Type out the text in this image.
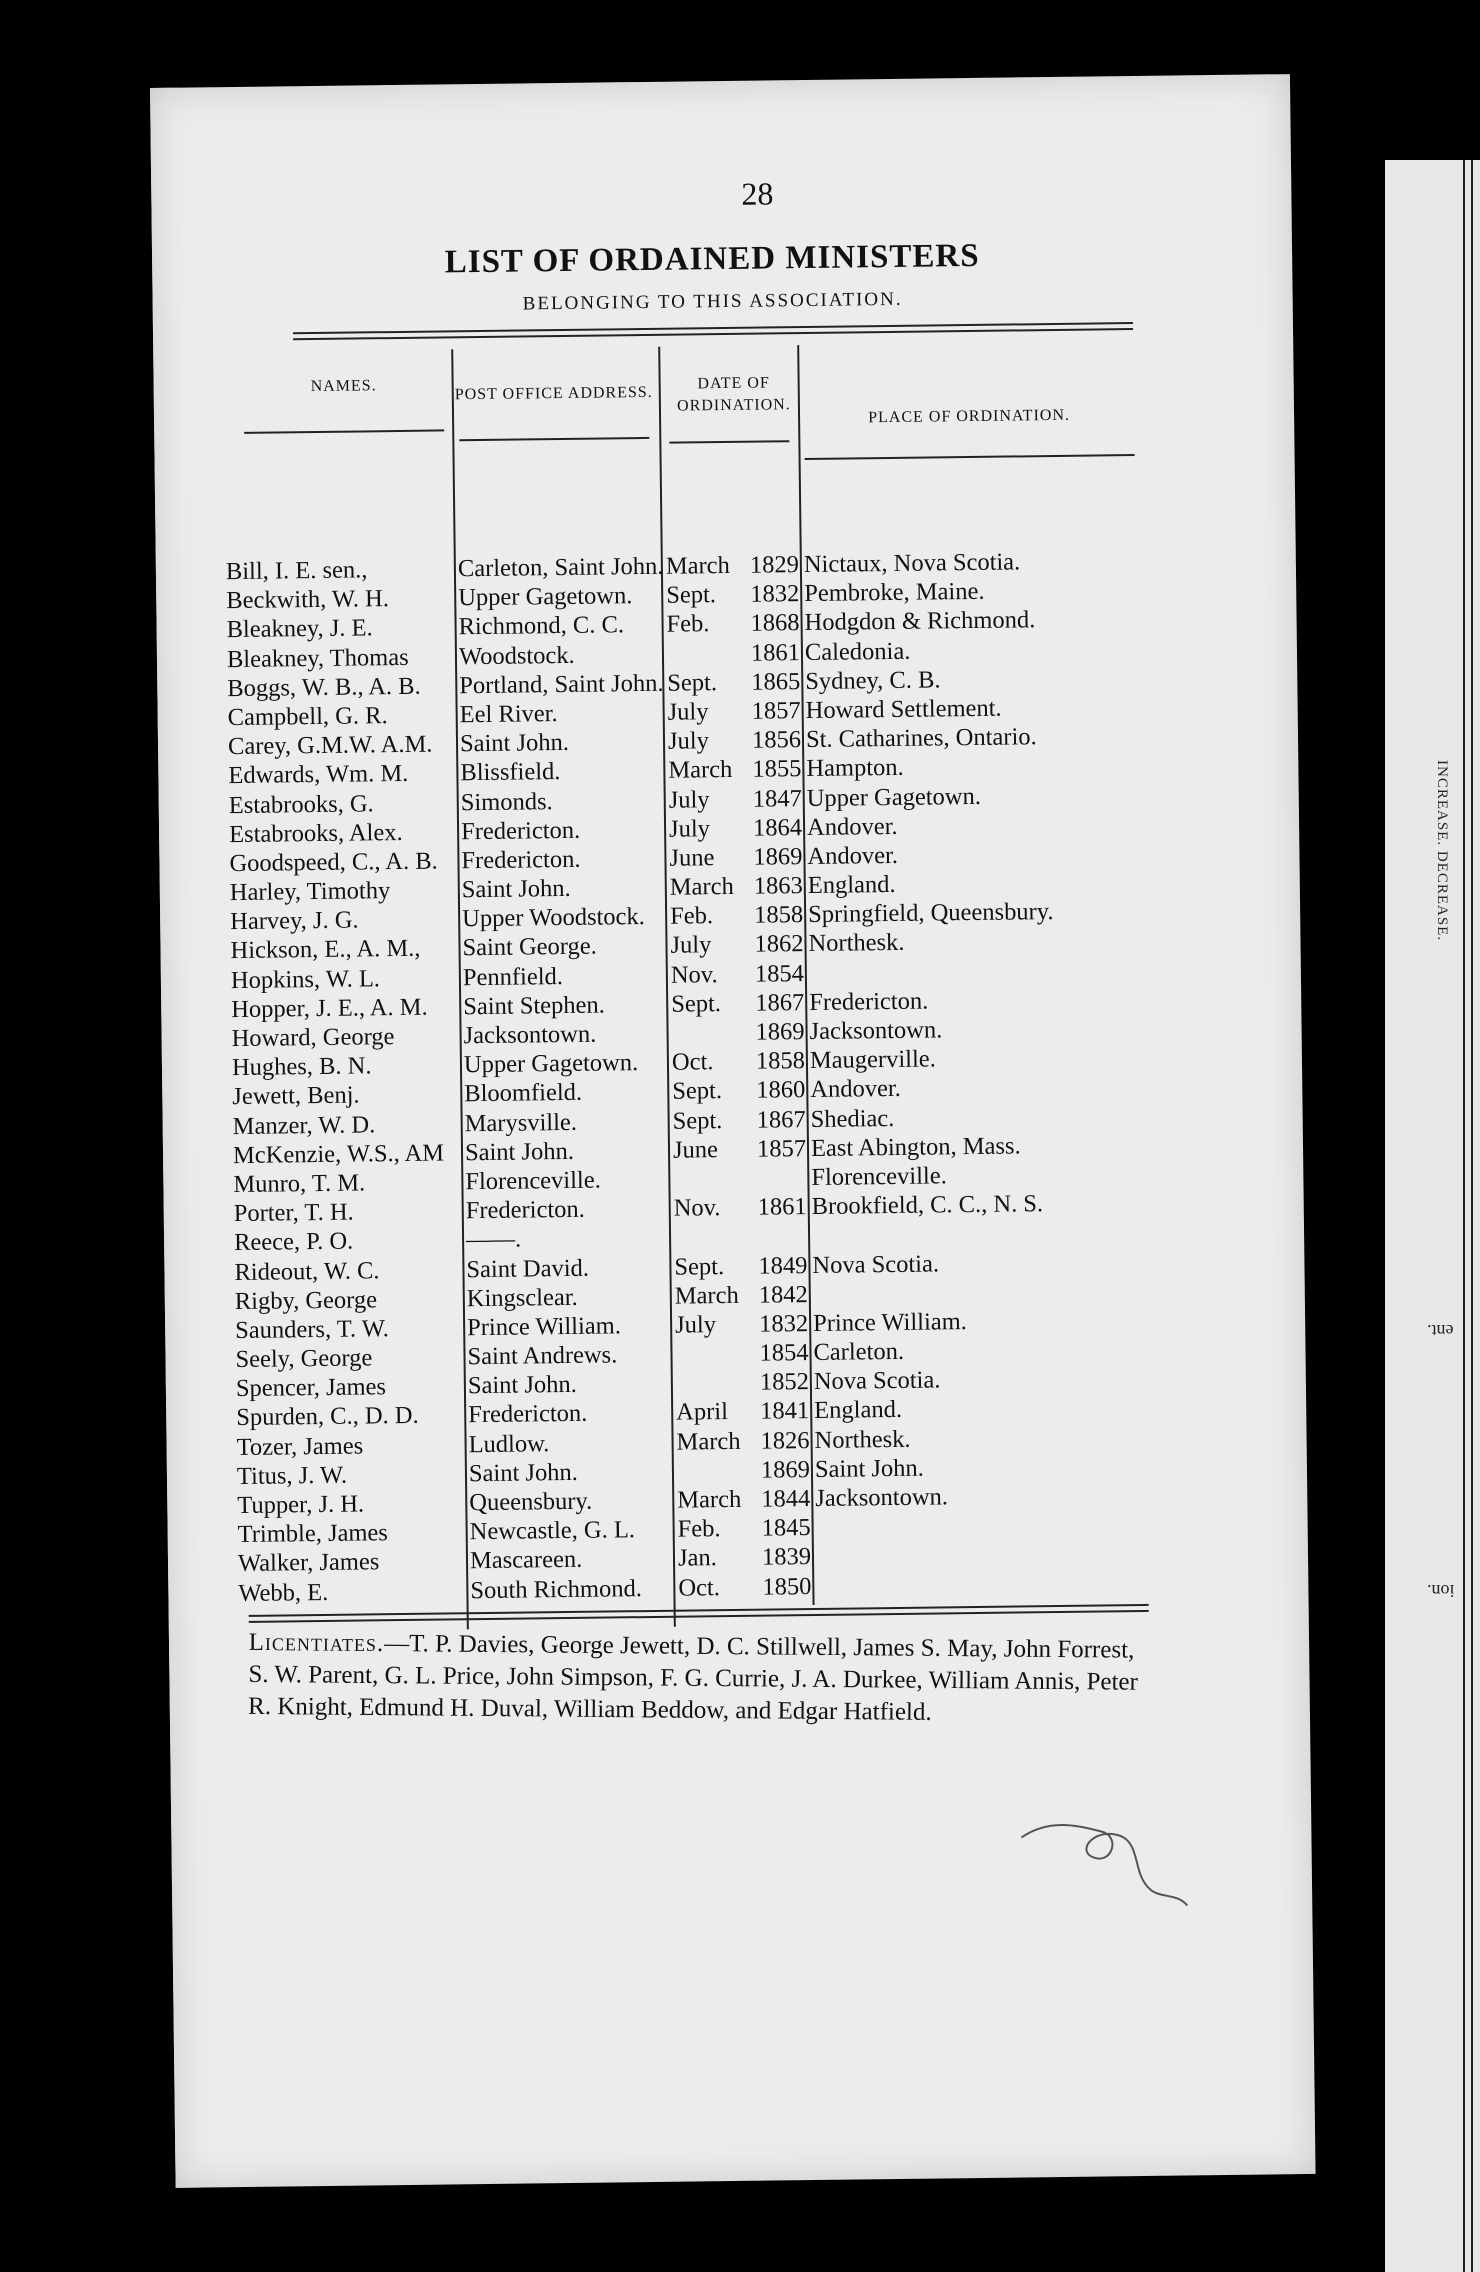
INCREASE. DECREASE.
ent.
ion.
28
LIST OF ORDAINED MINISTERS
BELONGING TO THIS ASSOCIATION.
NAMES.	POST OFFICE ADDRESS.
DATE OF
ORDINATION.
PLACE OF ORDINATION.
Bill, I. E. sen.,
Beckwith, W. H.
Bleakney, J. E.
Bleakney, Thomas
Boggs, W. B., A. B.
Campbell, G. R.
Carey, G.M.W. A.M.
Edwards, Wm. M.
Estabrooks, G.
Estabrooks, Alex.
Goodspeed, C., A. B.
Harley, Timothy
Harvey, J. G.
Hickson, E., A. M.,
Hopkins, W. L.
Hopper, J. E., A. M.
Howard, George
Hughes, B. N.
Jewett, Benj.
Manzer, W. D.
McKenzie, W.S., AM
Munro, T. M.
Porter, T. H.
Reece, P. O.
Rideout, W. C.
Rigby, George
Saunders, T. W.
Seely, George
Spencer, James
Spurden, C., D. D.
Tozer, James
Titus, J. W.
Tupper, J. H.
Trimble, James
Walker, James
Webb, E.
Carleton, Saint John.
Upper Gagetown.
Richmond, C. C.
Woodstock.
Portland, Saint John.
Eel River.
Saint John.
Blissfield.
Simonds.
Fredericton.
Fredericton.
Saint John.
Upper Woodstock.
Saint George.
Pennfield.
Saint Stephen.
Jacksontown.
Upper Gagetown.
Bloomfield.
Marysville.
Saint John.
Florenceville.
Fredericton.
——.
Saint David.
Kingsclear.
Prince William.
Saint Andrews.
Saint John.
Fredericton.
Ludlow.
Saint John.
Queensbury.
Newcastle, G. L.
Mascareen.
South Richmond.
March
Sept.
Feb.
Sept.
July
July
March
July
July
June
March
Feb.
July
Nov.
Sept.
Oct.
Sept.
Sept.
June
Nov.
Sept.
March
July
April
March
March
Feb.
Jan.
Oct.
1829
1832
1868
1861
1865
1857
1856
1855
1847
1864
1869
1863
1858
1862
1854
1867
1869
1858
1860
1867
1857
1861
1849
1842
1832
1854
1852
1841
1826
1869
1844
1845
1839
1850
Nictaux, Nova Scotia.
Pembroke, Maine.
Hodgdon & Richmond.
Caledonia.
Sydney, C. B.
Howard Settlement.
St. Catharines, Ontario.
Hampton.
Upper Gagetown.
Andover.
Andover.
England.
Springfield, Queensbury.
Northesk.
Fredericton.
Jacksontown.
Maugerville.
Andover.
Shediac.
East Abington, Mass.
Florenceville.
Brookfield, C. C., N. S.
Nova Scotia.
Prince William.
Carleton.
Nova Scotia.
England.
Northesk.
Saint John.
Jacksontown.
Licentiates.—T. P. Davies, George Jewett, D. C. Stillwell, James S. May, John Forrest, S. W. Parent, G. L. Price, John Simpson, F. G. Currie, J. A. Durkee, William Annis, Peter R. Knight, Edmund H. Duval, William Beddow, and Edgar Hatfield.
